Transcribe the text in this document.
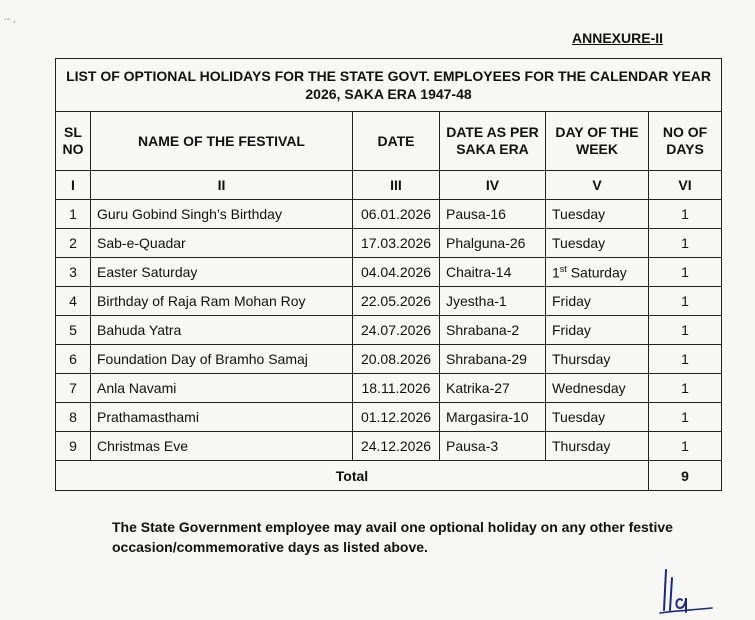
∙‑ ,
ANNEXURE-II
LIST OF OPTIONAL HOLIDAYS FOR THE STATE GOVT. EMPLOYEES FOR THE CALENDAR YEAR 2026, SAKA ERA 1947-48					
SL NO	NAME OF THE FESTIVAL	DATE	DATE AS PER SAKA ERA	DAY OF THE WEEK	NO OF DAYS
I	II	III	IV	V	VI
1	Guru Gobind Singh’s Birthday	06.01.2026	Pausa-16	Tuesday	1
2	Sab-e-Quadar	17.03.2026	Phalguna-26	Tuesday	1
3	Easter Saturday	04.04.2026	Chaitra-14	1st Saturday	1
4	Birthday of Raja Ram Mohan Roy	22.05.2026	Jyestha-1	Friday	1
5	Bahuda Yatra	24.07.2026	Shrabana-2	Friday	1
6	Foundation Day of Bramho Samaj	20.08.2026	Shrabana-29	Thursday	1
7	Anla Navami	18.11.2026	Katrika-27	Wednesday	1
8	Prathamasthami	01.12.2026	Margasira-10	Tuesday	1
9	Christmas Eve	24.12.2026	Pausa-3	Thursday	1
Total					9
The State Government employee may avail one optional holiday on any other festive occasion/commemorative days as listed above.
